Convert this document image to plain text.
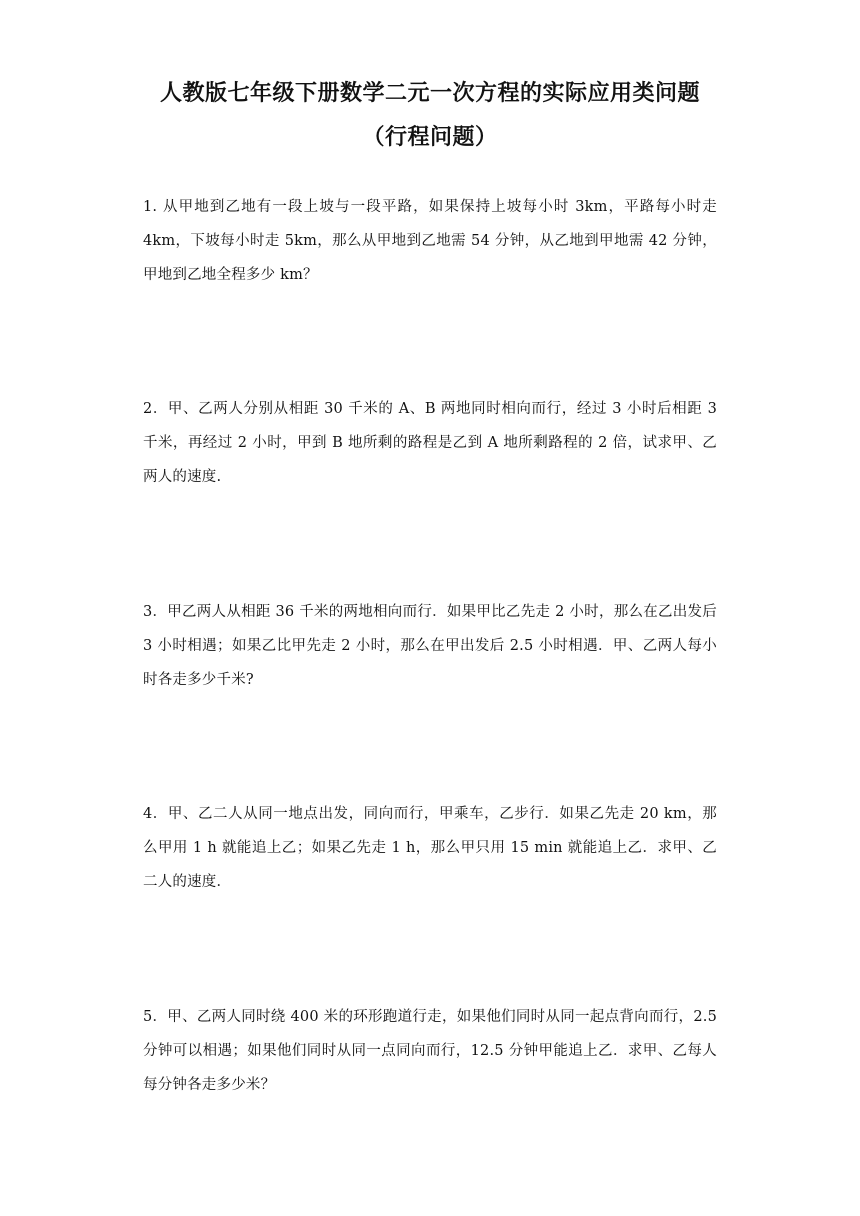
人教版七年级下册数学二元一次方程的实际应用类问题（行程问题）
1. 从甲地到乙地有一段上坡与一段平路，如果保持上坡每小时 3km，平路每小时走 4km，下坡每小时走 5km，那么从甲地到乙地需 54 分钟，从乙地到甲地需 42 分钟，甲地到乙地全程多少 km？
2．甲、乙两人分别从相距 30 千米的 A、B 两地同时相向而行，经过 3 小时后相距 3 千米，再经过 2 小时，甲到 B 地所剩的路程是乙到 A 地所剩路程的 2 倍，试求甲、乙两人的速度.
3．甲乙两人从相距 36 千米的两地相向而行．如果甲比乙先走 2 小时，那么在乙出发后 3 小时相遇；如果乙比甲先走 2 小时，那么在甲出发后 2.5 小时相遇．甲、乙两人每小时各走多少千米?
4．甲、乙二人从同一地点出发，同向而行，甲乘车，乙步行．如果乙先走 20 km，那么甲用 1 h 就能追上乙；如果乙先走 1 h，那么甲只用 15 min 就能追上乙．求甲、乙二人的速度．
5．甲、乙两人同时绕 400 米的环形跑道行走，如果他们同时从同一起点背向而行，2.5 分钟可以相遇；如果他们同时从同一点同向而行，12.5 分钟甲能追上乙．求甲、乙每人每分钟各走多少米？
